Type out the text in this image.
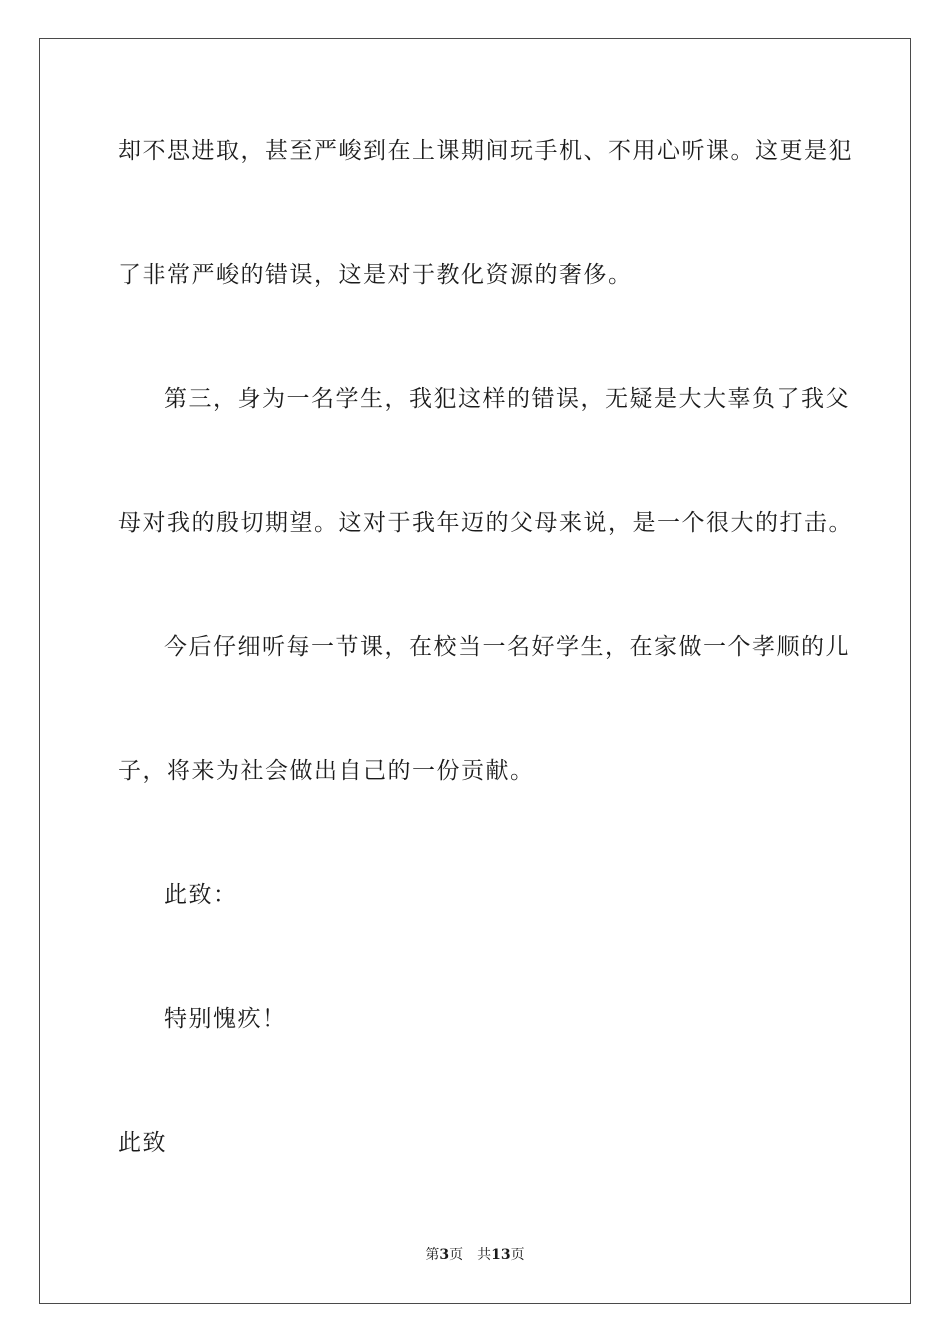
却不思进取，甚至严峻到在上课期间玩手机、不用心听课。这更是犯
了非常严峻的错误，这是对于教化资源的奢侈。
第三，身为一名学生，我犯这样的错误，无疑是大大辜负了我父
母对我的殷切期望。这对于我年迈的父母来说，是一个很大的打击。
今后仔细听每一节课，在校当一名好学生，在家做一个孝顺的儿
子，将来为社会做出自己的一份贡献。
此致：
特别愧疚！
此致
第3页 共13页
